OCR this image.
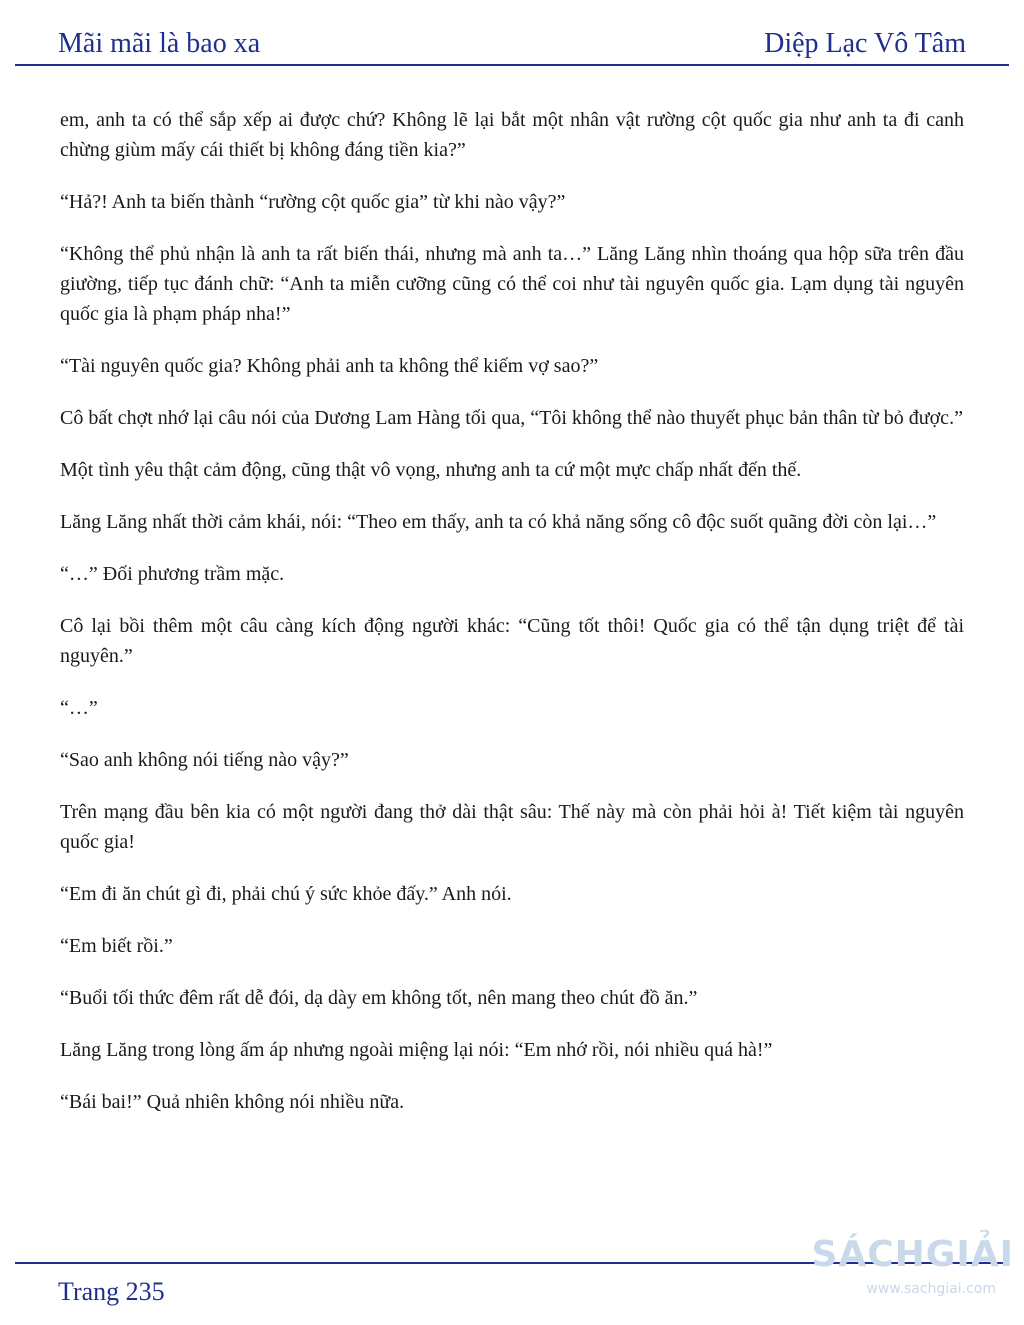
Mãi mãi là bao xa	Diệp Lạc Vô Tâm

em, anh ta có thể sắp xếp ai được chứ? Không lẽ lại bắt một nhân vật rường cột quốc gia như anh ta đi canh chừng giùm mấy cái thiết bị không đáng tiền kia?”

“Hả?! Anh ta biến thành “rường cột quốc gia” từ khi nào vậy?”

“Không thể phủ nhận là anh ta rất biến thái, nhưng mà anh ta…” Lăng Lăng nhìn thoáng qua hộp sữa trên đầu giường, tiếp tục đánh chữ: “Anh ta miễn cưỡng cũng có thể coi như tài nguyên quốc gia. Lạm dụng tài nguyên quốc gia là phạm pháp nha!”

“Tài nguyên quốc gia? Không phải anh ta không thể kiếm vợ sao?”

Cô bất chợt nhớ lại câu nói của Dương Lam Hàng tối qua, “Tôi không thể nào thuyết phục bản thân từ bỏ được.”

Một tình yêu thật cảm động, cũng thật vô vọng, nhưng anh ta cứ một mực chấp nhất đến thế.

Lăng Lăng nhất thời cảm khái, nói: “Theo em thấy, anh ta có khả năng sống cô độc suốt quãng đời còn lại…”

“…” Đối phương trầm mặc.

Cô lại bồi thêm một câu càng kích động người khác: “Cũng tốt thôi! Quốc gia có thể tận dụng triệt để tài nguyên.”

“…”

“Sao anh không nói tiếng nào vậy?”

Trên mạng đầu bên kia có một người đang thở dài thật sâu: Thế này mà còn phải hỏi à! Tiết kiệm tài nguyên quốc gia!

“Em đi ăn chút gì đi, phải chú ý sức khỏe đấy.” Anh nói.

“Em biết rồi.”

“Buổi tối thức đêm rất dễ đói, dạ dày em không tốt, nên mang theo chút đồ ăn.”

Lăng Lăng trong lòng ấm áp nhưng ngoài miệng lại nói: “Em nhớ rồi, nói nhiều quá hà!”

“Bái bai!” Quả nhiên không nói nhiều nữa.

Trang 235
SÁCHGIẢI
www.sachgiai.com
